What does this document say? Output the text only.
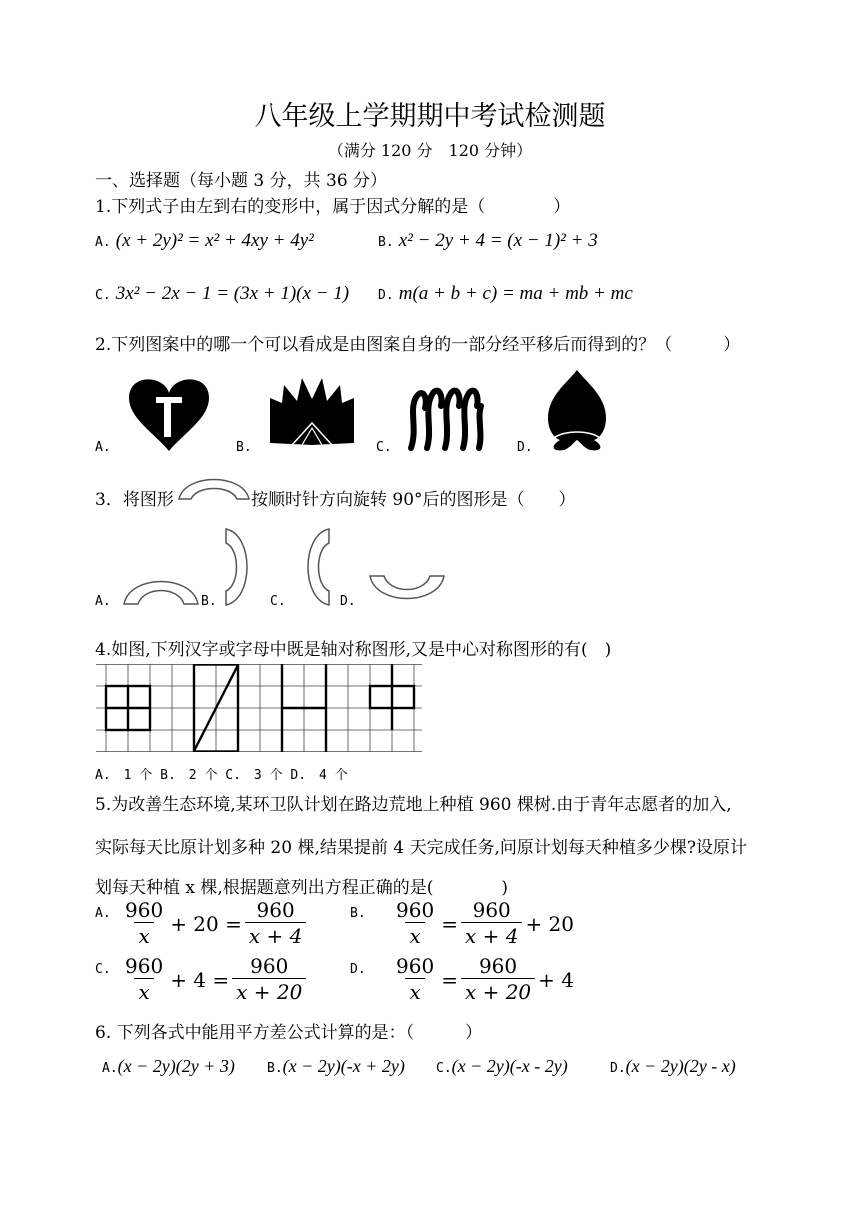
八年级上学期期中考试检测题
（满分 120 分　120 分钟）
一、选择题（每小题 3 分，共 36 分）
1.下列式子由左到右的变形中，属于因式分解的是（　　　　）
A. (x + 2y)² = x² + 4xy + 4y²	B. x² − 2y + 4 = (x − 1)² + 3
C. 3x² − 2x − 1 = (3x + 1)(x − 1) D. m(a + b + c) = ma + mb + mc
2.下列图案中的哪一个可以看成是由图案自身的一部分经平移后而得到的？（　　　）
A.	B.	C.	D.
3．将图形	按顺时针方向旋转 90°后的图形是（　　）
A.	B.	C.	D.
4.如图,下列汉字或字母中既是轴对称图形,又是中心对称图形的有(　)
A.　1 个 B.　2 个 C.　3 个 D.　4 个
5.为改善生态环境,某环卫队计划在路边荒地上种植 960 棵树.由于青年志愿者的加入,
实际每天比原计划多种 20 棵,结果提前 4 天完成任务,问原计划每天种植多少棵?设原计
划每天种植 x 棵,根据题意列出方程正确的是(　　　　)
A. $\frac{960}{x} + 20$
= $\frac{960}{x + 4}$	B. $\frac{960}{x} = \frac{960}{x + 4} + 20$
C. $\frac{960}{x} + 4$
= $\frac{960}{x + 20}$	D. $\frac{960}{x} = \frac{960}{x + 20} + 4$
6. 下列各式中能用平方差公式计算的是：（　　　）
A.(x − 2y)(2y + 3) B.(x − 2y)(-x + 2y) C.(x − 2y)(-x - 2y)	D.(x − 2y)(2y - x)
